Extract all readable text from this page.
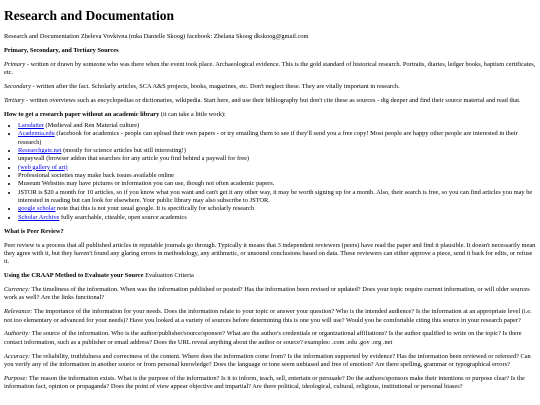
Research and Documentation

Research and Documentation Zheleva Vovkivna (mka Danielle Skoog) facebook: Zhelana Skoog dkskoog@gmail.com

Primary, Secondary, and Tertiary Sources

Primary - written or drawn by someone who was there when the event took place. Archaeological evidence. This is the gold standard of historical research. Portraits, diaries, ledger books, baptism certificates, etc.

Secondary - written after the fact. Scholarly articles, SCA A&S projects, books, magazines, etc. Don't neglect these. They are vitally important in research.

Tertiary - written overviews such as encyclopedias or dictionaries, wikipedia. Start here, and use their bibliography but don't cite these as sources - dig deeper and find their source material and read that.

How to get a research paper without an academic library (it can take a little work):

• Larsdatter (Medieval and Ren Material culture)
• Academia.edu (facebook for academics - people can upload their own papers - or try emailing them to see if they'll send you a free copy! Most people are happy other people are interested in their research)
• Researchgate.net (mostly for science articles but still interesting!)
• unpaywall (browser addon that searches for any article you find behind a paywall for free)
• (web gallery of art)
• Professional societies may make back issues available online
• Museum Websites may have pictures or information you can use, though not often academic papers.
• JSTOR is $20 a month for 10 articles, so if you know what you want and can't get it any other way, it may be worth signing up for a month. Also, their search is free, so you can find articles you may be interested in reading but can look for elsewhere. Your public library may also subscribe to JSTOR.
• google scholar note that this is not your usual google. It is specifically for scholarly research
• Scholar Archive fully searchable, citeable, open source academics

What is Peer Review?

Peer review is a process that all published articles in reputable journals go through. Typically it means that 3 independent reviewers (peers) have read the paper and find it plausible. It doesn't necessarily mean they agree with it, but they haven't found any glaring errors in methodology, any arithmetic, or unsound conclusions based on data. These reviewers can either approve a piece, send it back for edits, or refuse it.

Using the CRAAP Method to Evaluate your Source Evaluation Criteria

Currency: The timeliness of the information. When was the information published or posted? Has the information been revised or updated? Does your topic require current information, or will older sources work as well? Are the links functional?

Relevance: The importance of the information for your needs. Does the information relate to your topic or answer your question? Who is the intended audience? Is the information at an appropriate level (i.e. not too elementary or advanced for your needs)? Have you looked at a variety of sources before determining this is one you will use? Would you be comfortable citing this source in your research paper?

Authority: The source of the information. Who is the author/publisher/source/sponsor? What are the author's credentials or organizational affiliations? Is the author qualified to write on the topic? Is there contact information, such as a publisher or email address? Does the URL reveal anything about the author or source? examples: .com .edu .gov .org .net

Accuracy: The reliability, truthfulness and correctness of the content. Where does the information come from? Is the information supported by evidence? Has the information been reviewed or refereed? Can you verify any of the information in another source or from personal knowledge? Does the language or tone seem unbiased and free of emotion? Are there spelling, grammar or typographical errors?

Purpose: The reason the information exists. What is the purpose of the information? Is it to inform, teach, sell, entertain or persuade? Do the authors/sponsors make their intentions or purpose clear? Is the information fact, opinion or propaganda? Does the point of view appear objective and impartial? Are there political, ideological, cultural, religious, institutional or personal biases?
